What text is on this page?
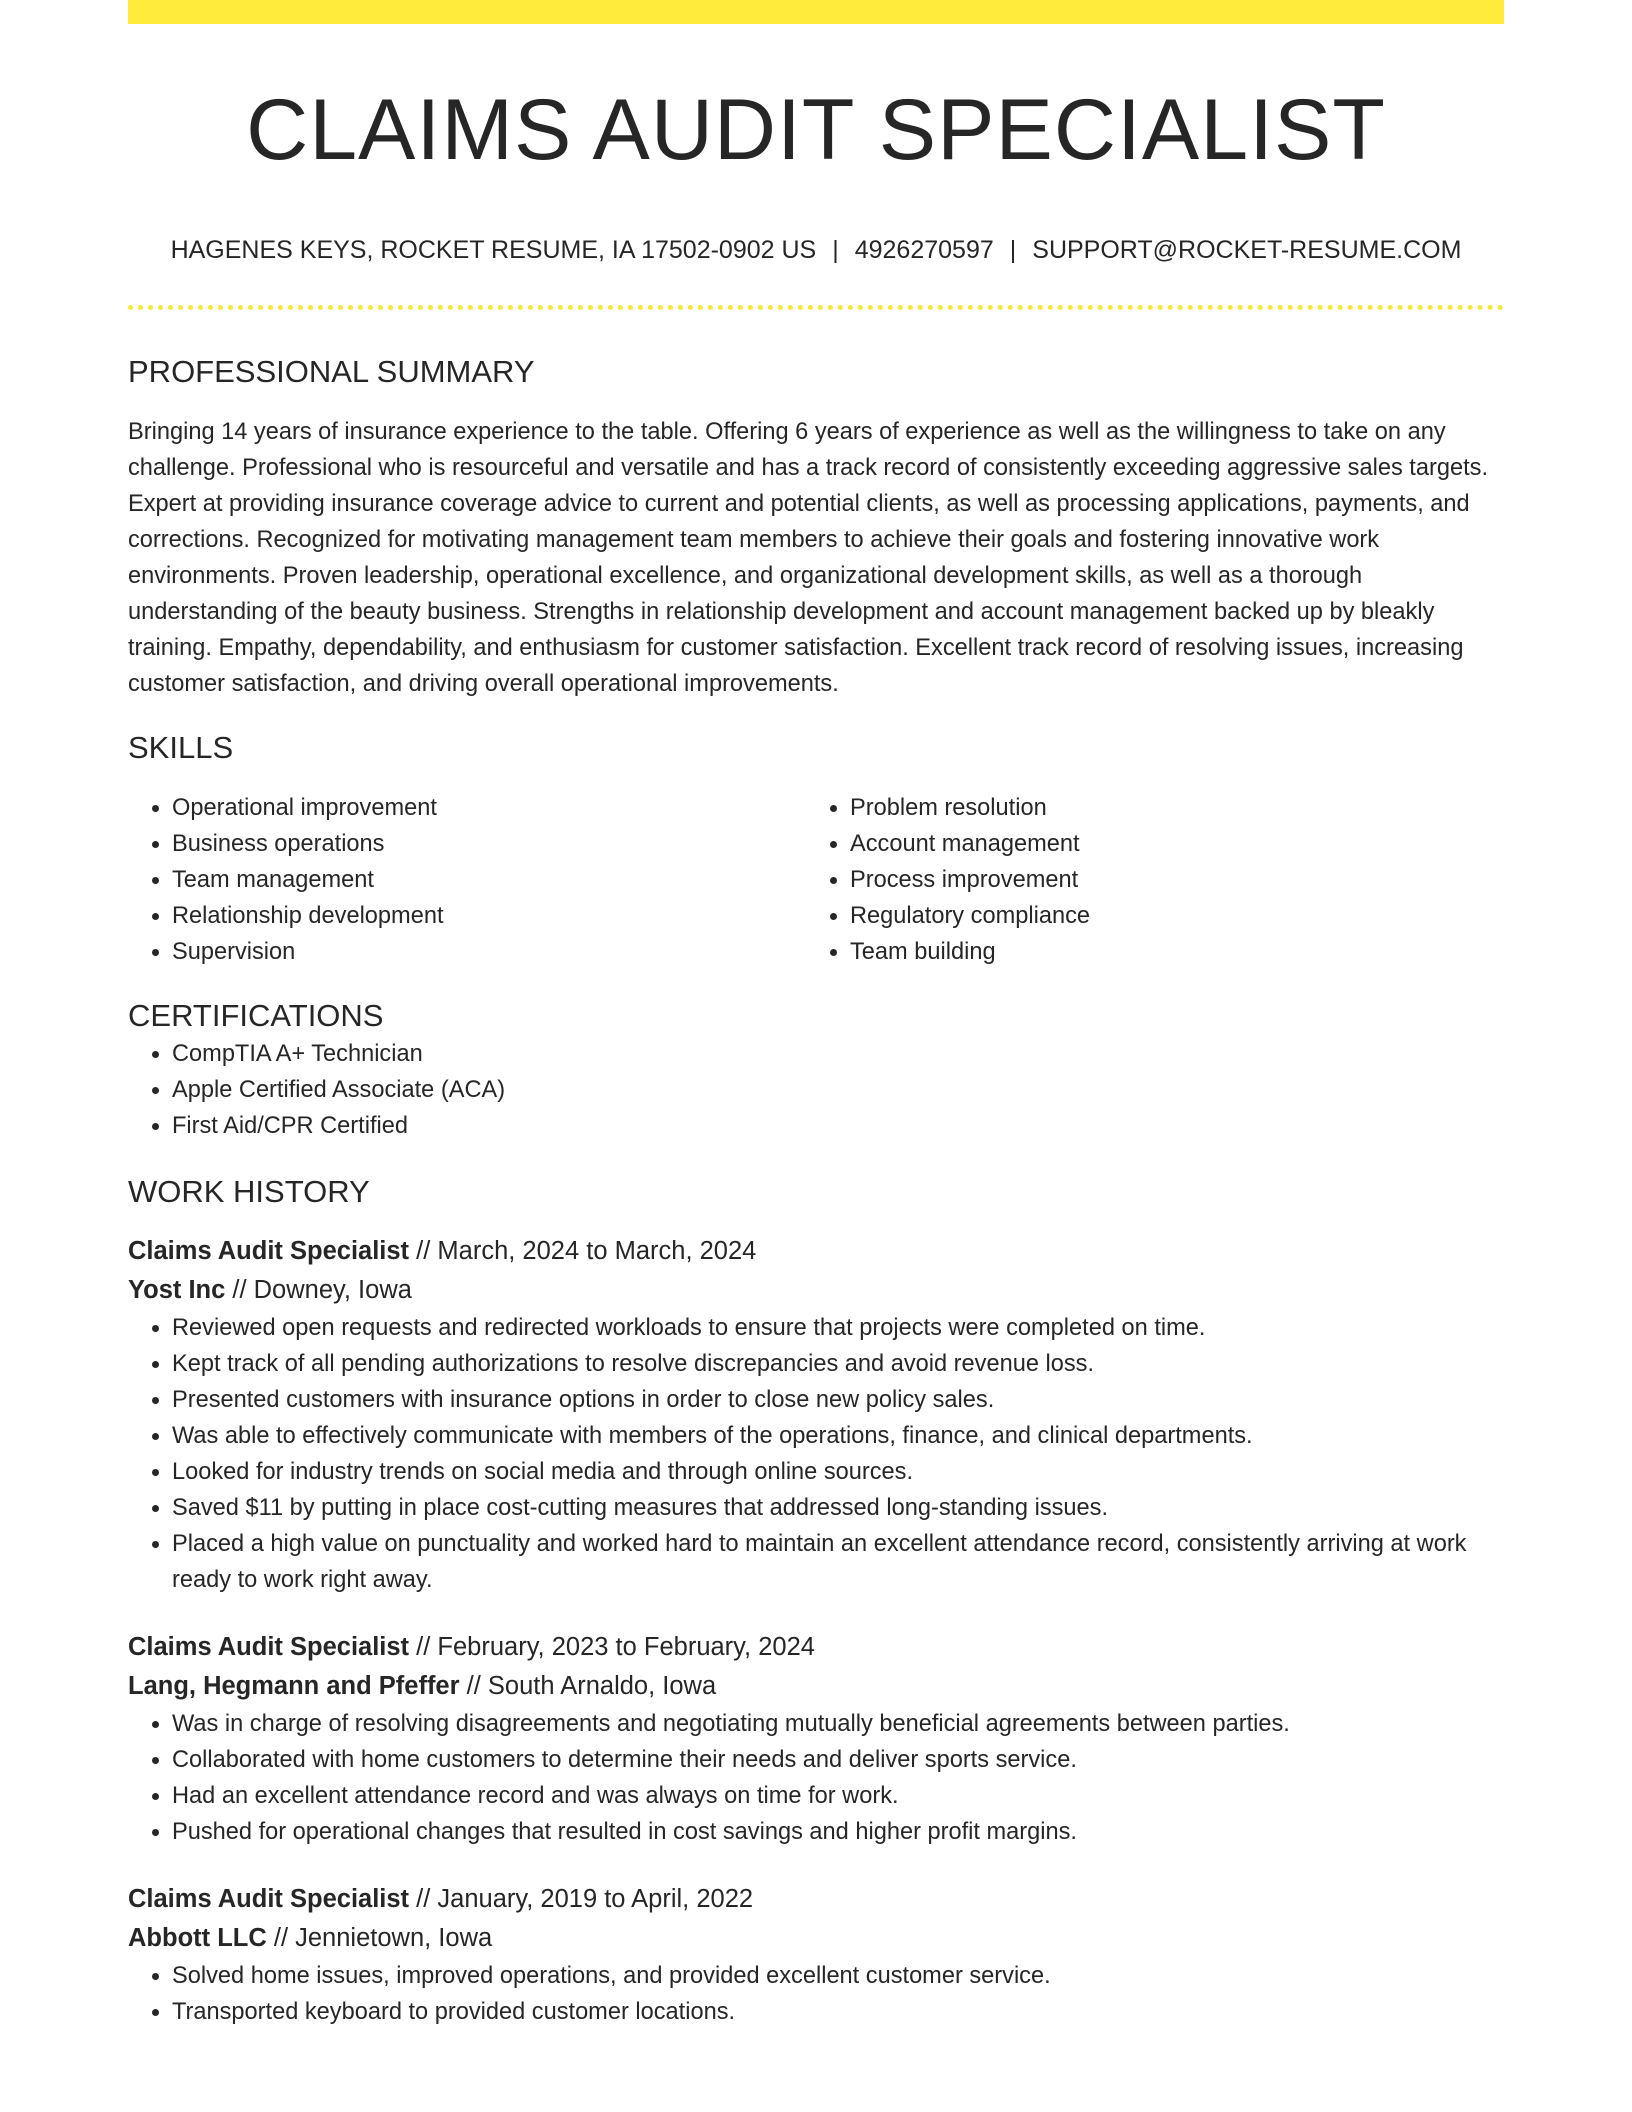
CLAIMS AUDIT SPECIALIST
HAGENES KEYS, ROCKET RESUME, IA 17502-0902 US | 4926270597 | SUPPORT@ROCKET-RESUME.COM
PROFESSIONAL SUMMARY

Bringing 14 years of insurance experience to the table. Offering 6 years of experience as well as the willingness to take on any challenge. Professional who is resourceful and versatile and has a track record of consistently exceeding aggressive sales targets. Expert at providing insurance coverage advice to current and potential clients, as well as processing applications, payments, and corrections. Recognized for motivating management team members to achieve their goals and fostering innovative work environments. Proven leadership, operational excellence, and organizational development skills, as well as a thorough understanding of the beauty business. Strengths in relationship development and account management backed up by bleakly training. Empathy, dependability, and enthusiasm for customer satisfaction. Excellent track record of resolving issues, increasing customer satisfaction, and driving overall operational improvements.

SKILLS
• Operational improvement
• Business operations
• Team management
• Relationship development
• Supervision
• Problem resolution
• Account management
• Process improvement
• Regulatory compliance
• Team building
CERTIFICATIONS
• CompTIA A+ Technician
• Apple Certified Associate (ACA)
• First Aid/CPR Certified
WORK HISTORY
Claims Audit Specialist // March, 2024 to March, 2024
Yost Inc // Downey, Iowa
• Reviewed open requests and redirected workloads to ensure that projects were completed on time.
• Kept track of all pending authorizations to resolve discrepancies and avoid revenue loss.
• Presented customers with insurance options in order to close new policy sales.
• Was able to effectively communicate with members of the operations, finance, and clinical departments.
• Looked for industry trends on social media and through online sources.
• Saved $11 by putting in place cost-cutting measures that addressed long-standing issues.
• Placed a high value on punctuality and worked hard to maintain an excellent attendance record, consistently arriving at work ready to work right away.
Claims Audit Specialist // February, 2023 to February, 2024
Lang, Hegmann and Pfeffer // South Arnaldo, Iowa
• Was in charge of resolving disagreements and negotiating mutually beneficial agreements between parties.
• Collaborated with home customers to determine their needs and deliver sports service.
• Had an excellent attendance record and was always on time for work.
• Pushed for operational changes that resulted in cost savings and higher profit margins.
Claims Audit Specialist // January, 2019 to April, 2022
Abbott LLC // Jennietown, Iowa
• Solved home issues, improved operations, and provided excellent customer service.
• Transported keyboard to provided customer locations.
